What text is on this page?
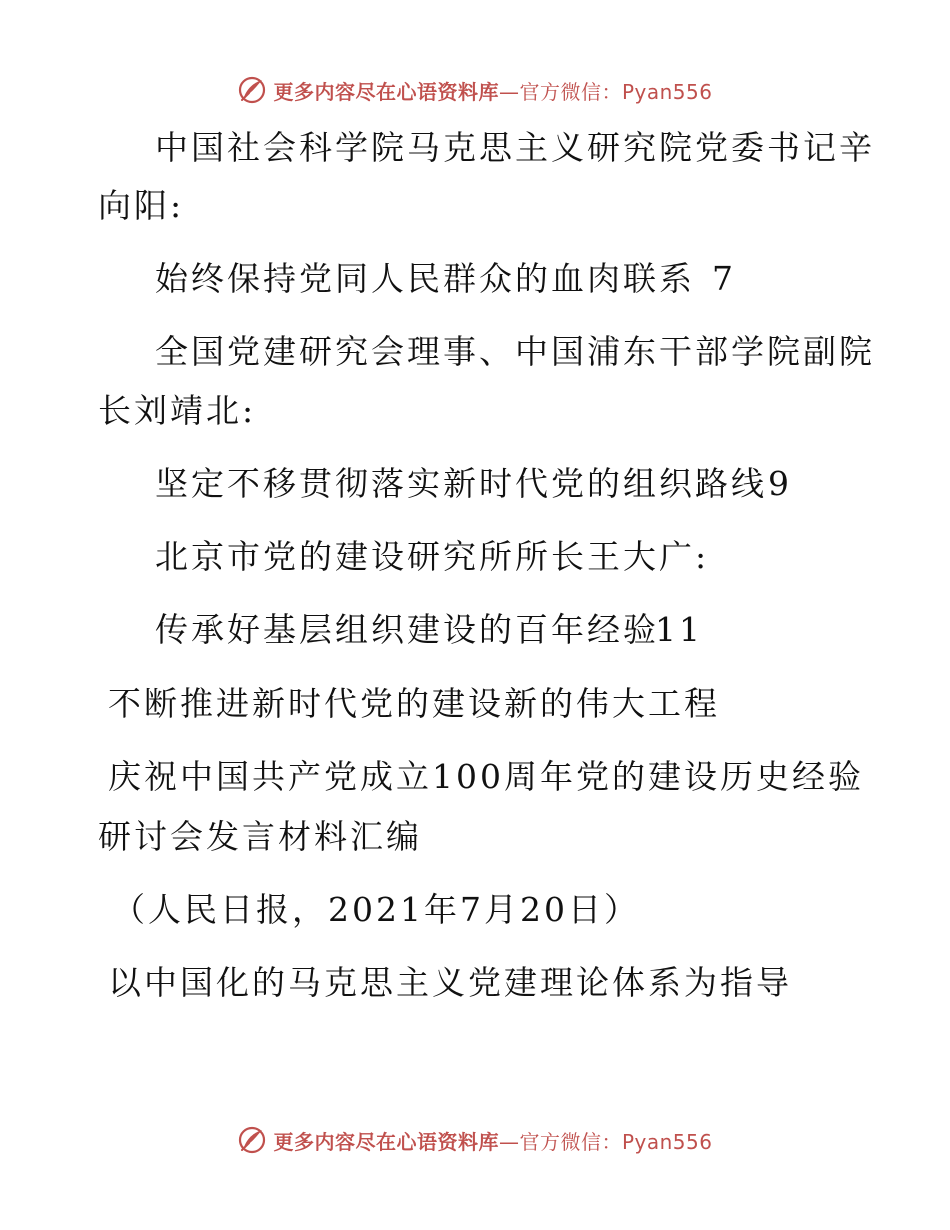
更多内容尽在心语资料库—官方微信：Pyan556
中国社会科学院马克思主义研究院党委书记辛
向阳:
始终保持党同人民群众的血肉联系 7
全国党建研究会理事、中国浦东干部学院副院
长刘靖北:
坚定不移贯彻落实新时代党的组织路线 9
北京市党的建设研究所所长王大广:
传承好基层组织建设的百年经验
11
不断推进新时代党的建设新的伟大工程
庆祝中国共产党成立100周年党的建设历史经验
研讨会发言材料汇编
（人民日报，2021年7月20日）
以中国化的马克思主义党建理论体系为指导
更多内容尽在心语资料库—官方微信：Pyan556
